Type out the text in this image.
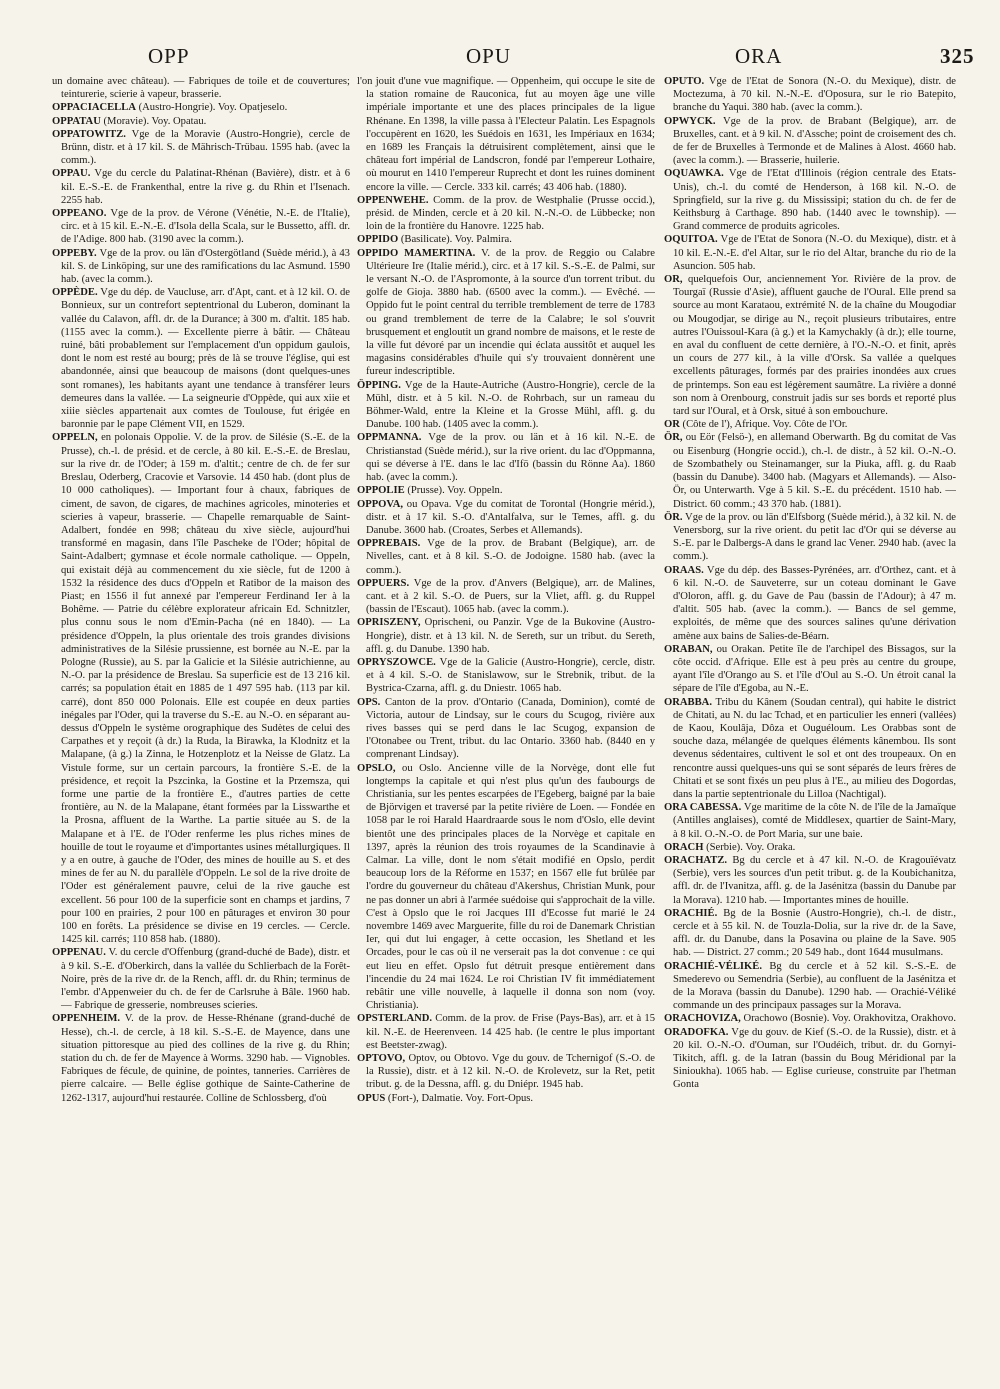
OPP	OPU	ORA	325

un domaine avec château). — Fabriques de toile et de couvertures; teinturerie, scierie à vapeur, brasserie.

OPPACIACELLA (Austro-Hongrie). Voy. Opatjeselo.

OPPATAU (Moravie). Voy. Opatau.

OPPATOWITZ. Vge de la Moravie (Austro-Hongrie), cercle de Brünn, distr. et à 17 kil. S. de Mährisch-Trübau. 1595 hab. (avec la comm.).

OPPAU. Vge du cercle du Palatinat-Rhénan (Bavière), distr. et à 6 kil. E.-S.-E. de Frankenthal, entre la rive g. du Rhin et l'Isenach. 2255 hab.

OPPEANO. Vge de la prov. de Vérone (Vénétie, N.-E. de l'Italie), circ. et à 15 kil. E.-N.-E. d'Isola della Scala, sur le Bussetto, affl. dr. de l'Adige. 800 hab. (3190 avec la comm.).

OPPEBY. Vge de la prov. ou län d'Ostergötland (Suède mérid.), à 43 kil. S. de Linköping, sur une des ramifications du lac Asmund. 1590 hab. (avec la comm.).

OPPÈDE. Vge du dép. de Vaucluse, arr. d'Apt, cant. et à 12 kil. O. de Bonnieux, sur un contrefort septentrional du Luberon, dominant la vallée du Calavon, affl. dr. de la Durance; à 300 m. d'altit. 185 hab. (1155 avec la comm.). — Excellente pierre à bâtir. — Château ruiné, bâti probablement sur l'emplacement d'un oppidum gaulois, dont le nom est resté au bourg; près de là se trouve l'église, qui est abandonnée, ainsi que beaucoup de maisons (dont quelques-unes sont romanes), les habitants ayant une tendance à transférer leurs demeures dans la vallée. — La seigneurie d'Oppède, qui aux xiie et xiiie siècles appartenait aux comtes de Toulouse, fut érigée en baronnie par le pape Clément VII, en 1529.

OPPELN, en polonais Oppolie. V. de la prov. de Silésie (S.-E. de la Prusse), ch.-l. de présid. et de cercle, à 80 kil. E.-S.-E. de Breslau, sur la rive dr. de l'Oder; à 159 m. d'altit.; centre de ch. de fer sur Breslau, Oderberg, Cracovie et Varsovie. 14 450 hab. (dont plus de 10 000 catholiques). — Important four à chaux, fabriques de ciment, de savon, de cigares, de machines agricoles, minoteries et scieries à vapeur, brasserie. — Chapelle remarquable de Saint-Adalbert, fondée en 998; château du xive siècle, aujourd'hui transformé en magasin, dans l'île Pascheke de l'Oder; hôpital de Saint-Adalbert; gymnase et école normale catholique. — Oppeln, qui existait déjà au commencement du xie siècle, fut de 1200 à 1532 la résidence des ducs d'Oppeln et Ratibor de la maison des Piast; en 1556 il fut annexé par l'empereur Ferdinand Ier à la Bohême. — Patrie du célèbre explorateur africain Ed. Schnitzler, plus connu sous le nom d'Emin-Pacha (né en 1840). — La présidence d'Oppeln, la plus orientale des trois grandes divisions administratives de la Silésie prussienne, est bornée au N.-E. par la Pologne (Russie), au S. par la Galicie et la Silésie autrichienne, au N.-O. par la présidence de Breslau. Sa superficie est de 13 216 kil. carrés; sa population était en 1885 de 1 497 595 hab. (113 par kil. carré), dont 850 000 Polonais. Elle est coupée en deux parties inégales par l'Oder, qui la traverse du S.-E. au N.-O. en séparant au-dessus d'Oppeln le système orographique des Sudètes de celui des Carpathes et y reçoit (à dr.) la Ruda, la Birawka, la Klodnitz et la Malapane, (à g.) la Zinna, le Hotzenplotz et la Neisse de Glatz. La Vistule forme, sur un certain parcours, la frontière S.-E. de la présidence, et reçoit la Pszcinka, la Gostine et la Przemsza, qui forme une partie de la frontière E., d'autres parties de cette frontière, au N. de la Malapane, étant formées par la Lisswarthe et la Prosna, affluent de la Warthe. La partie située au S. de la Malapane et à l'E. de l'Oder renferme les plus riches mines de houille de tout le royaume et d'importantes usines métallurgiques. Il y a en outre, à gauche de l'Oder, des mines de houille au S. et des mines de fer au N. du parallèle d'Oppeln. Le sol de la rive droite de l'Oder est généralement pauvre, celui de la rive gauche est excellent. 56 pour 100 de la superficie sont en champs et jardins, 7 pour 100 en prairies, 2 pour 100 en pâturages et environ 30 pour 100 en forêts. La présidence se divise en 19 cercles. — Cercle. 1425 kil. carrés; 110 858 hab. (1880).

OPPENAU. V. du cercle d'Offenburg (grand-duché de Bade), distr. et à 9 kil. S.-E. d'Oberkirch, dans la vallée du Schlierbach de la Forêt-Noire, près de la rive dr. de la Rench, affl. dr. du Rhin; terminus de l'embr. d'Appenweier du ch. de fer de Carlsruhe à Bâle. 1960 hab. — Fabrique de gresserie, nombreuses scieries.

OPPENHEIM. V. de la prov. de Hesse-Rhénane (grand-duché de Hesse), ch.-l. de cercle, à 18 kil. S.-S.-E. de Mayence, dans une situation pittoresque au pied des collines de la rive g. du Rhin; station du ch. de fer de Mayence à Worms. 3290 hab. — Vignobles. Fabriques de fécule, de quinine, de pointes, tanneries. Carrières de pierre calcaire. — Belle église gothique de Sainte-Catherine de 1262-1317, aujourd'hui restaurée. Colline de Schlossberg, d'où

l'on jouit d'une vue magnifique. — Oppenheim, qui occupe le site de la station romaine de Rauconica, fut au moyen âge une ville impériale importante et une des places principales de la ligue Rhénane. En 1398, la ville passa à l'Electeur Palatin. Les Espagnols l'occupèrent en 1620, les Suédois en 1631, les Impériaux en 1634; en 1689 les Français la détruisirent complètement, ainsi que le château fort impérial de Landscron, fondé par l'empereur Lothaire, où mourut en 1410 l'empereur Ruprecht et dont les ruines dominent encore la ville. — Cercle. 333 kil. carrés; 43 406 hab. (1880).

OPPENWEHE. Comm. de la prov. de Westphalie (Prusse occid.), présid. de Minden, cercle et à 20 kil. N.-N.-O. de Lübbecke; non loin de la frontière du Hanovre. 1225 hab.

OPPIDO (Basilicate). Voy. Palmira.

OPPIDO MAMERTINA. V. de la prov. de Reggio ou Calabre Ultérieure Ire (Italie mérid.), circ. et à 17 kil. S.-S.-E. de Palmi, sur le versant N.-O. de l'Aspromonte, à la source d'un torrent tribut. du golfe de Gioja. 3880 hab. (6500 avec la comm.). — Evêché. — Oppido fut le point central du terrible tremblement de terre de 1783 ou grand tremblement de terre de la Calabre; le sol s'ouvrit brusquement et engloutit un grand nombre de maisons, et le reste de la ville fut dévoré par un incendie qui éclata aussitôt et auquel les magasins considérables d'huile qui s'y trouvaient donnèrent une fureur indescriptible.

ÖPPING. Vge de la Haute-Autriche (Austro-Hongrie), cercle de la Mühl, distr. et à 5 kil. N.-O. de Rohrbach, sur un rameau du Böhmer-Wald, entre la Kleine et la Grosse Mühl, affl. g. du Danube. 100 hab. (1405 avec la comm.).

OPPMANNA. Vge de la prov. ou län et à 16 kil. N.-E. de Christianstad (Suède mérid.), sur la rive orient. du lac d'Oppmanna, qui se déverse à l'E. dans le lac d'Ifö (bassin du Rönne Aa). 1860 hab. (avec la comm.).

OPPOLIE (Prusse). Voy. Oppeln.

OPPOVA, ou Opava. Vge du comitat de Torontal (Hongrie mérid.), distr. et à 17 kil. S.-O. d'Antalfalva, sur le Temes, affl. g. du Danube. 3600 hab. (Croates, Serbes et Allemands).

OPPREBAIS. Vge de la prov. de Brabant (Belgique), arr. de Nivelles, cant. et à 8 kil. S.-O. de Jodoigne. 1580 hab. (avec la comm.).

OPPUERS. Vge de la prov. d'Anvers (Belgique), arr. de Malines, cant. et à 2 kil. S.-O. de Puers, sur la Vliet, affl. g. du Ruppel (bassin de l'Escaut). 1065 hab. (avec la comm.).

OPRISZENY, Oprischeni, ou Panzir. Vge de la Bukovine (Austro-Hongrie), distr. et à 13 kil. N. de Sereth, sur un tribut. du Sereth, affl. g. du Danube. 1390 hab.

OPRYSZOWCE. Vge de la Galicie (Austro-Hongrie), cercle, distr. et à 4 kil. S.-O. de Stanislawow, sur le Strebnik, tribut. de la Bystrica-Czarna, affl. g. du Dniestr. 1065 hab.

OPS. Canton de la prov. d'Ontario (Canada, Dominion), comté de Victoria, autour de Lindsay, sur le cours du Scugog, rivière aux rives basses qui se perd dans le lac Scugog, expansion de l'Otonabee ou Trent, tribut. du lac Ontario. 3360 hab. (8440 en y comprenant Lindsay).

OPSLO, ou Oslo. Ancienne ville de la Norvège, dont elle fut longtemps la capitale et qui n'est plus qu'un des faubourgs de Christiania, sur les pentes escarpées de l'Egeberg, baigné par la baie de Björvigen et traversé par la petite rivière de Loen. — Fondée en 1058 par le roi Harald Haardraarde sous le nom d'Oslo, elle devint bientôt une des principales places de la Norvège et capitale en 1397, après la réunion des trois royaumes de la Scandinavie à Calmar. La ville, dont le nom s'était modifié en Opslo, perdit beaucoup lors de la Réforme en 1537; en 1567 elle fut brûlée par l'ordre du gouverneur du château d'Akershus, Christian Munk, pour ne pas donner un abri à l'armée suédoise qui s'approchait de la ville. C'est à Opslo que le roi Jacques III d'Ecosse fut marié le 24 novembre 1469 avec Marguerite, fille du roi de Danemark Christian Ier, qui dut lui engager, à cette occasion, les Shetland et les Orcades, pour le cas où il ne verserait pas la dot convenue : ce qui eut lieu en effet. Opslo fut détruit presque entièrement dans l'incendie du 24 mai 1624. Le roi Christian IV fit immédiatement rebâtir une ville nouvelle, à laquelle il donna son nom (voy. Christiania).

OPSTERLAND. Comm. de la prov. de Frise (Pays-Bas), arr. et à 15 kil. N.-E. de Heerenveen. 14 425 hab. (le centre le plus important est Beetster-zwag).

OPTOVO, Optov, ou Obtovo. Vge du gouv. de Tchernigof (S.-O. de la Russie), distr. et à 12 kil. N.-O. de Krolevetz, sur la Ret, petit tribut. g. de la Dessna, affl. g. du Dniépr. 1945 hab.

OPUS (Fort-), Dalmatie. Voy. Fort-Opus.

OPUTO. Vge de l'Etat de Sonora (N.-O. du Mexique), distr. de Moctezuma, à 70 kil. N.-N.-E. d'Oposura, sur le rio Batepito, branche du Yaqui. 380 hab. (avec la comm.).

OPWYCK. Vge de la prov. de Brabant (Belgique), arr. de Bruxelles, cant. et à 9 kil. N. d'Assche; point de croisement des ch. de fer de Bruxelles à Termonde et de Malines à Alost. 4660 hab. (avec la comm.). — Brasserie, huilerie.

OQUAWKA. Vge de l'Etat d'Illinois (région centrale des Etats-Unis), ch.-l. du comté de Henderson, à 168 kil. N.-O. de Springfield, sur la rive g. du Mississipi; station du ch. de fer de Keithsburg à Carthage. 890 hab. (1440 avec le township). — Grand commerce de produits agricoles.

OQUITOA. Vge de l'Etat de Sonora (N.-O. du Mexique), distr. et à 10 kil. E.-N.-E. d'el Altar, sur le rio del Altar, branche du rio de la Asuncion. 505 hab.

OR, quelquefois Our, anciennement Yor. Rivière de la prov. de Tourgaï (Russie d'Asie), affluent gauche de l'Oural. Elle prend sa source au mont Karataou, extrémité N. de la chaîne du Mougodiar ou Mougodjar, se dirige au N., reçoit plusieurs tributaires, entre autres l'Ouissoul-Kara (à g.) et la Kamychakly (à dr.); elle tourne, en aval du confluent de cette dernière, à l'O.-N.-O. et finit, après un cours de 277 kil., à la ville d'Orsk. Sa vallée a quelques excellents pâturages, formés par des prairies inondées aux crues de printemps. Son eau est légèrement saumâtre. La rivière a donné son nom à Orenbourg, construit jadis sur ses bords et reporté plus tard sur l'Oural, et à Orsk, situé à son embouchure.

OR (Côte de l'), Afrique. Voy. Côte de l'Or.

ÖR, ou Eör (Felsö-), en allemand Oberwarth. Bg du comitat de Vas ou Eisenburg (Hongrie occid.), ch.-l. de distr., à 52 kil. O.-N.-O. de Szombathely ou Steinamanger, sur la Piuka, affl. g. du Raab (bassin du Danube). 3400 hab. (Magyars et Allemands). — Also-Ör, ou Unterwarth. Vge à 5 kil. S.-E. du précédent. 1510 hab. — District. 60 comm.; 43 370 hab. (1881).

ÖR. Vge de la prov. ou län d'Elfsborg (Suède mérid.), à 32 kil. N. de Venersborg, sur la rive orient. du petit lac d'Or qui se déverse au S.-E. par le Dalbergs-A dans le grand lac Vener. 2940 hab. (avec la comm.).

ORAAS. Vge du dép. des Basses-Pyrénées, arr. d'Orthez, cant. et à 6 kil. N.-O. de Sauveterre, sur un coteau dominant le Gave d'Oloron, affl. g. du Gave de Pau (bassin de l'Adour); à 47 m. d'altit. 505 hab. (avec la comm.). — Bancs de sel gemme, exploités, de même que des sources salines qu'une dérivation amène aux bains de Salies-de-Béarn.

ORABAN, ou Orakan. Petite île de l'archipel des Bissagos, sur la côte occid. d'Afrique. Elle est à peu près au centre du groupe, ayant l'île d'Orango au S. et l'île d'Oul au S.-O. Un étroit canal la sépare de l'île d'Egoba, au N.-E.

ORABBA. Tribu du Kânem (Soudan central), qui habite le district de Chitati, au N. du lac Tchad, et en particulier les enneri (vallées) de Kaou, Koulâja, Dôza et Ouguéloum. Les Orabbas sont de souche daza, mélangée de quelques éléments kânembou. Ils sont devenus sédentaires, cultivent le sol et ont des troupeaux. On en rencontre aussi quelques-uns qui se sont séparés de leurs frères de Chitati et se sont fixés un peu plus à l'E., au milieu des Dogordas, dans la partie septentrionale du Lilloa (Nachtigal).

ORA CABESSA. Vge maritime de la côte N. de l'île de la Jamaïque (Antilles anglaises), comté de Middlesex, quartier de Saint-Mary, à 8 kil. O.-N.-O. de Port Maria, sur une baie.

ORACH (Serbie). Voy. Oraka.

ORACHATZ. Bg du cercle et à 47 kil. N.-O. de Kragouïévatz (Serbie), vers les sources d'un petit tribut. g. de la Koubichanitza, affl. dr. de l'Ivanitza, affl. g. de la Jasénitza (bassin du Danube par la Morava). 1210 hab. — Importantes mines de houille.

ORACHIÉ. Bg de la Bosnie (Austro-Hongrie), ch.-l. de distr., cercle et à 55 kil. N. de Touzla-Dolia, sur la rive dr. de la Save, affl. dr. du Danube, dans la Posavina ou plaine de la Save. 905 hab. — District. 27 comm.; 20 549 hab., dont 1644 musulmans.

ORACHIÉ-VÉLIKÉ. Bg du cercle et à 52 kil. S.-S.-E. de Smederevo ou Semendria (Serbie), au confluent de la Jasénitza et de la Morava (bassin du Danube). 1290 hab. — Orachié-Véliké commande un des principaux passages sur la Morava.

ORACHOVIZA, Orachowo (Bosnie). Voy. Orakhovitza, Orakhovo.

ORADOFKA. Vge du gouv. de Kief (S.-O. de la Russie), distr. et à 20 kil. O.-N.-O. d'Ouman, sur l'Oudéich, tribut. dr. du Gornyi-Tikitch, affl. g. de la Iatran (bassin du Boug Méridional par la Sinioukha). 1065 hab. — Eglise curieuse, construite par l'hetman Gonta
